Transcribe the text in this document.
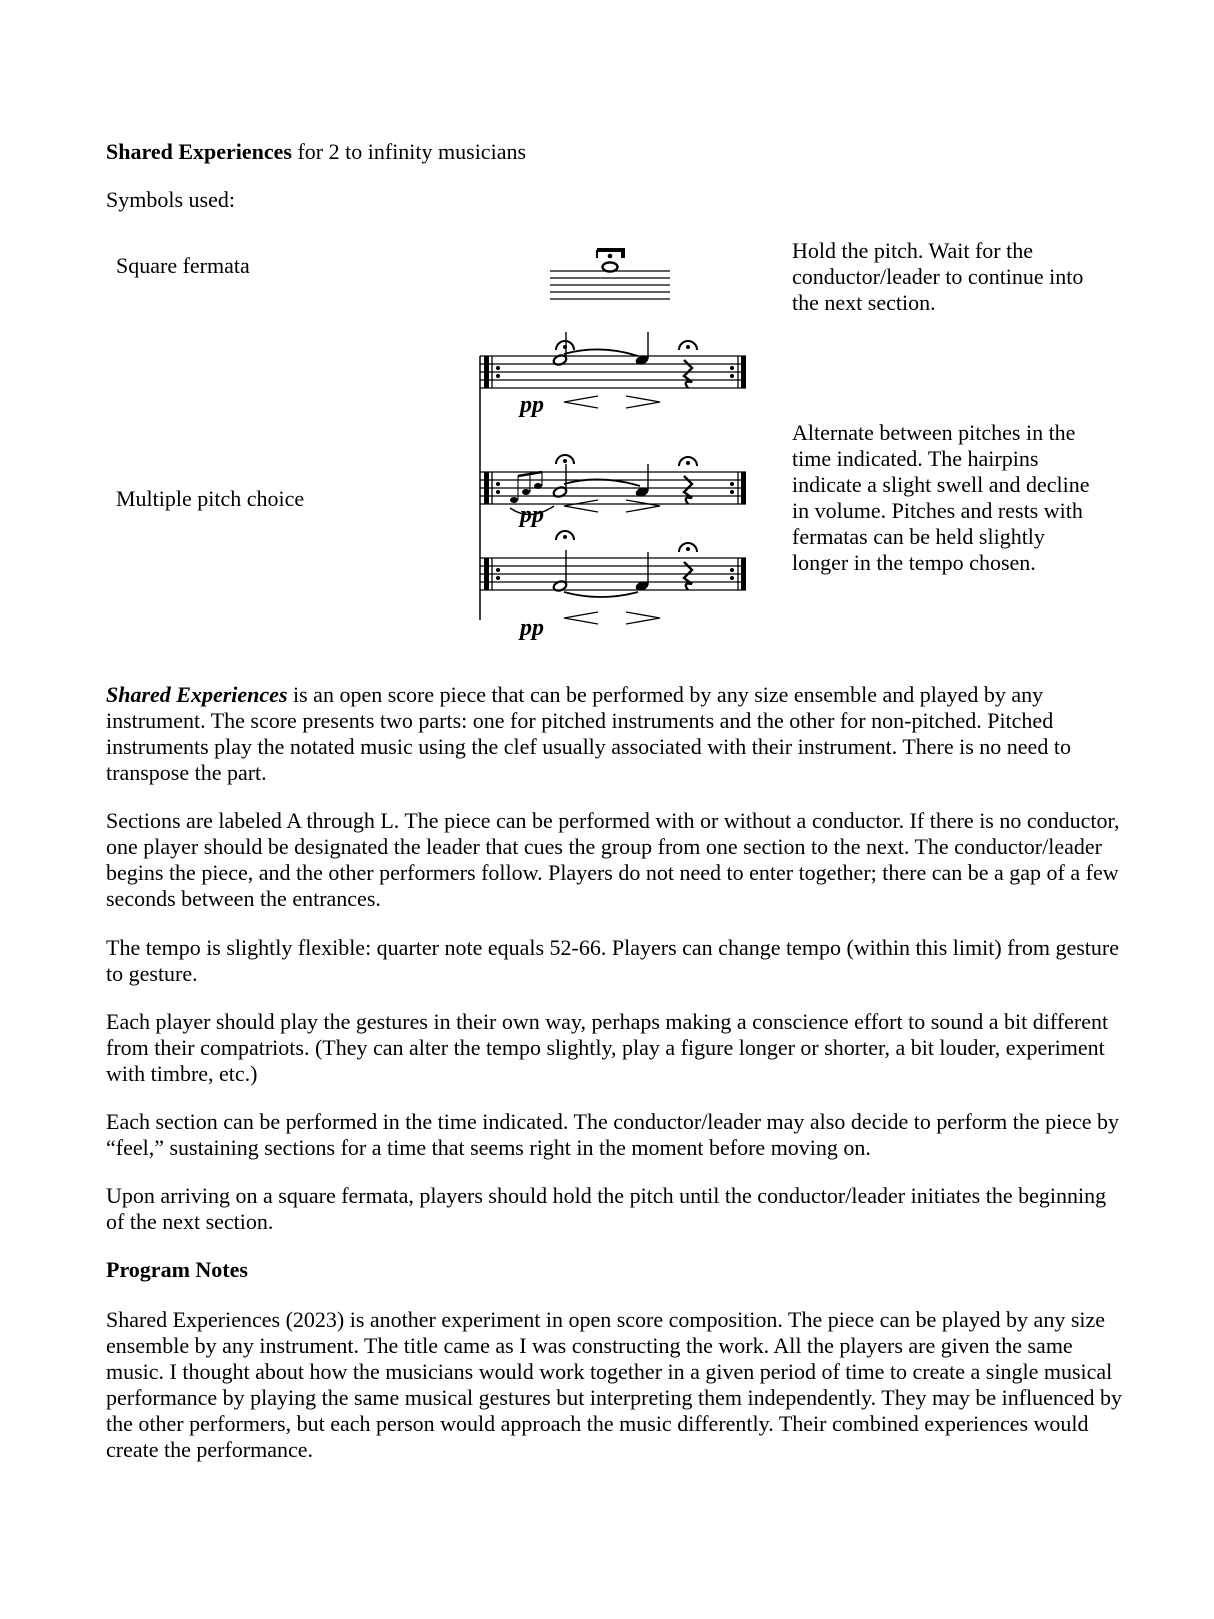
Shared Experiences for 2 to infinity musicians
Symbols used:
Square fermata
Hold the pitch. Wait for the conductor/leader to continue into the next section.
Multiple pitch choice
pp
pp
pp
Alternate between pitches in the time indicated. The hairpins indicate a slight swell and decline in volume. Pitches and rests with fermatas can be held slightly longer in the tempo chosen.
Shared Experiences is an open score piece that can be performed by any size ensemble and played by any instrument. The score presents two parts: one for pitched instruments and the other for non-pitched. Pitched instruments play the notated music using the clef usually associated with their instrument. There is no need to transpose the part.
Sections are labeled A through L. The piece can be performed with or without a conductor. If there is no conductor, one player should be designated the leader that cues the group from one section to the next. The conductor/leader begins the piece, and the other performers follow. Players do not need to enter together; there can be a gap of a few seconds between the entrances.
The tempo is slightly flexible: quarter note equals 52-66. Players can change tempo (within this limit) from gesture to gesture.
Each player should play the gestures in their own way, perhaps making a conscience effort to sound a bit different from their compatriots. (They can alter the tempo slightly, play a figure longer or shorter, a bit louder, experiment with timbre, etc.)
Each section can be performed in the time indicated. The conductor/leader may also decide to perform the piece by “feel,” sustaining sections for a time that seems right in the moment before moving on.
Upon arriving on a square fermata, players should hold the pitch until the conductor/leader initiates the beginning of the next section.
Program Notes
Shared Experiences (2023) is another experiment in open score composition. The piece can be played by any size ensemble by any instrument. The title came as I was constructing the work. All the players are given the same music. I thought about how the musicians would work together in a given period of time to create a single musical performance by playing the same musical gestures but interpreting them independently. They may be influenced by the other performers, but each person would approach the music differently. Their combined experiences would create the performance.
